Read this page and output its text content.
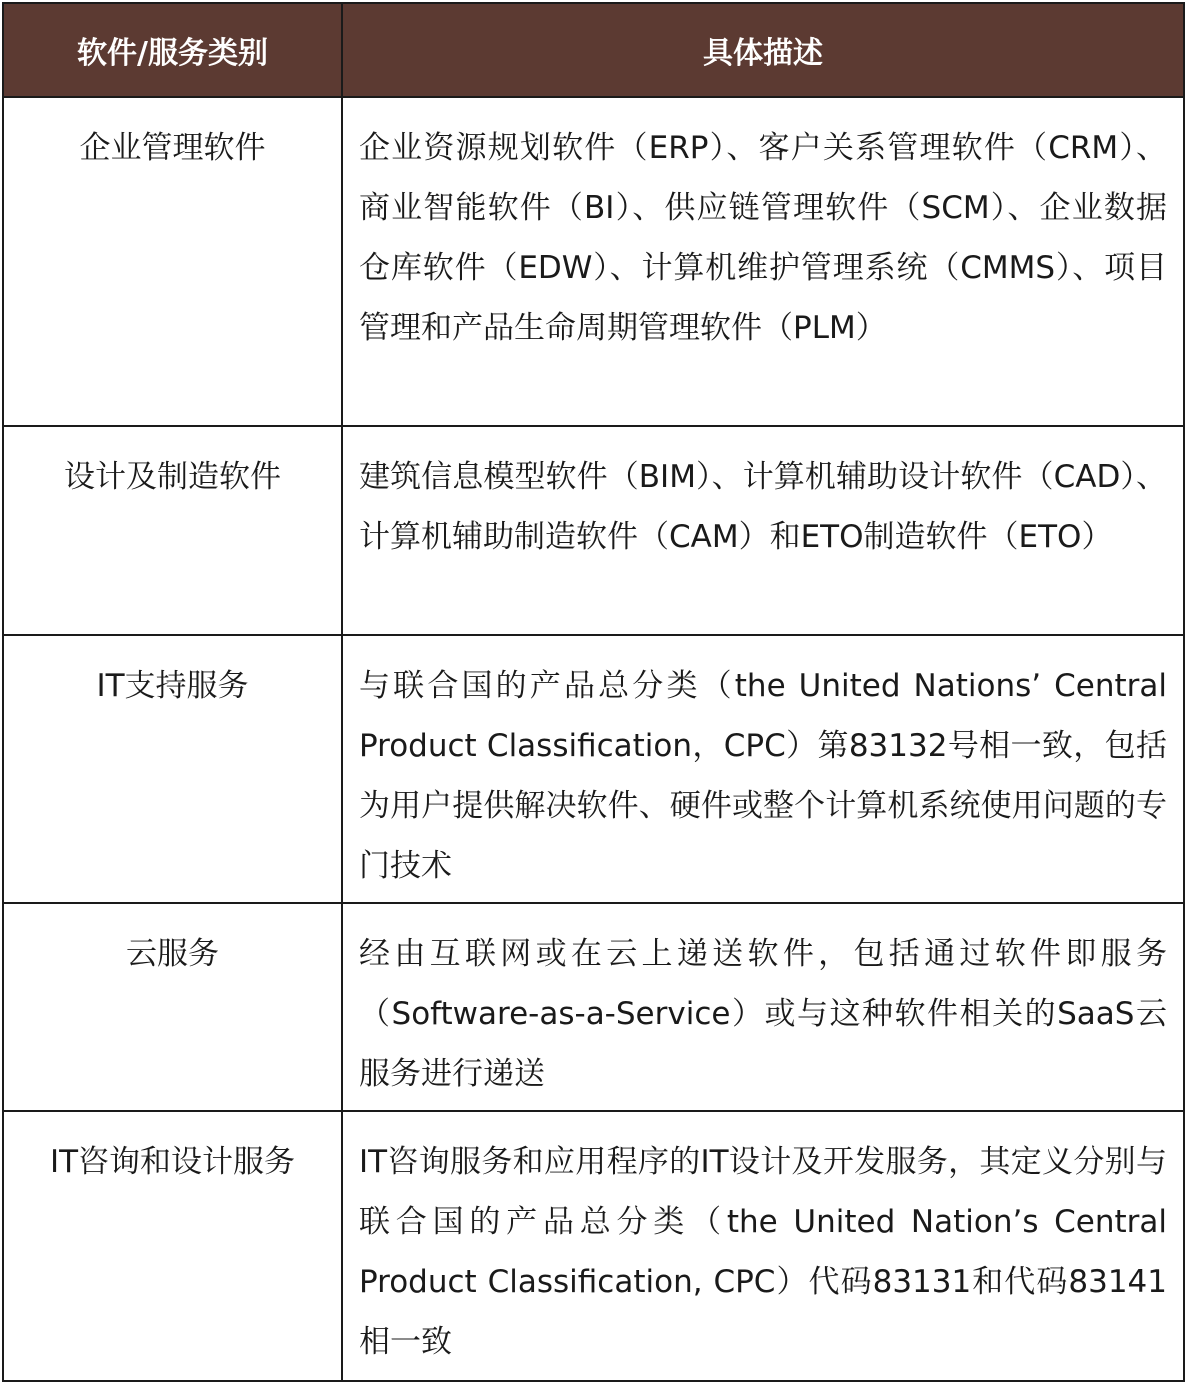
软件/服务类别	具体描述
企业管理软件	企业资源规划软件（ERP）、客户关系管理软件（CRM）、商业智能软件（BI）、供应链管理软件（SCM）、企业数据仓库软件（EDW）、计算机维护管理系统（CMMS）、项目管理和产品生命周期管理软件（PLM）
设计及制造软件	建筑信息模型软件（BIM）、计算机辅助设计软件（CAD）、计算机辅助制造软件（CAM）和ETO制造软件（ETO）
IT支持服务	与联合国的产品总分类（the United Nations’ Central Product Classification，CPC）第83132号相一致，包括为用户提供解决软件、硬件或整个计算机系统使用问题的专门技术
云服务	经由互联网或在云上递送软件，包括通过软件即服务（Software-as-a-Service）或与这种软件相关的SaaS云服务进行递送
IT咨询和设计服务	IT咨询服务和应用程序的IT设计及开发服务，其定义分别与联合国的产品总分类（the United Nation’s Central Product Classification, CPC）代码83131和代码83141相一致
